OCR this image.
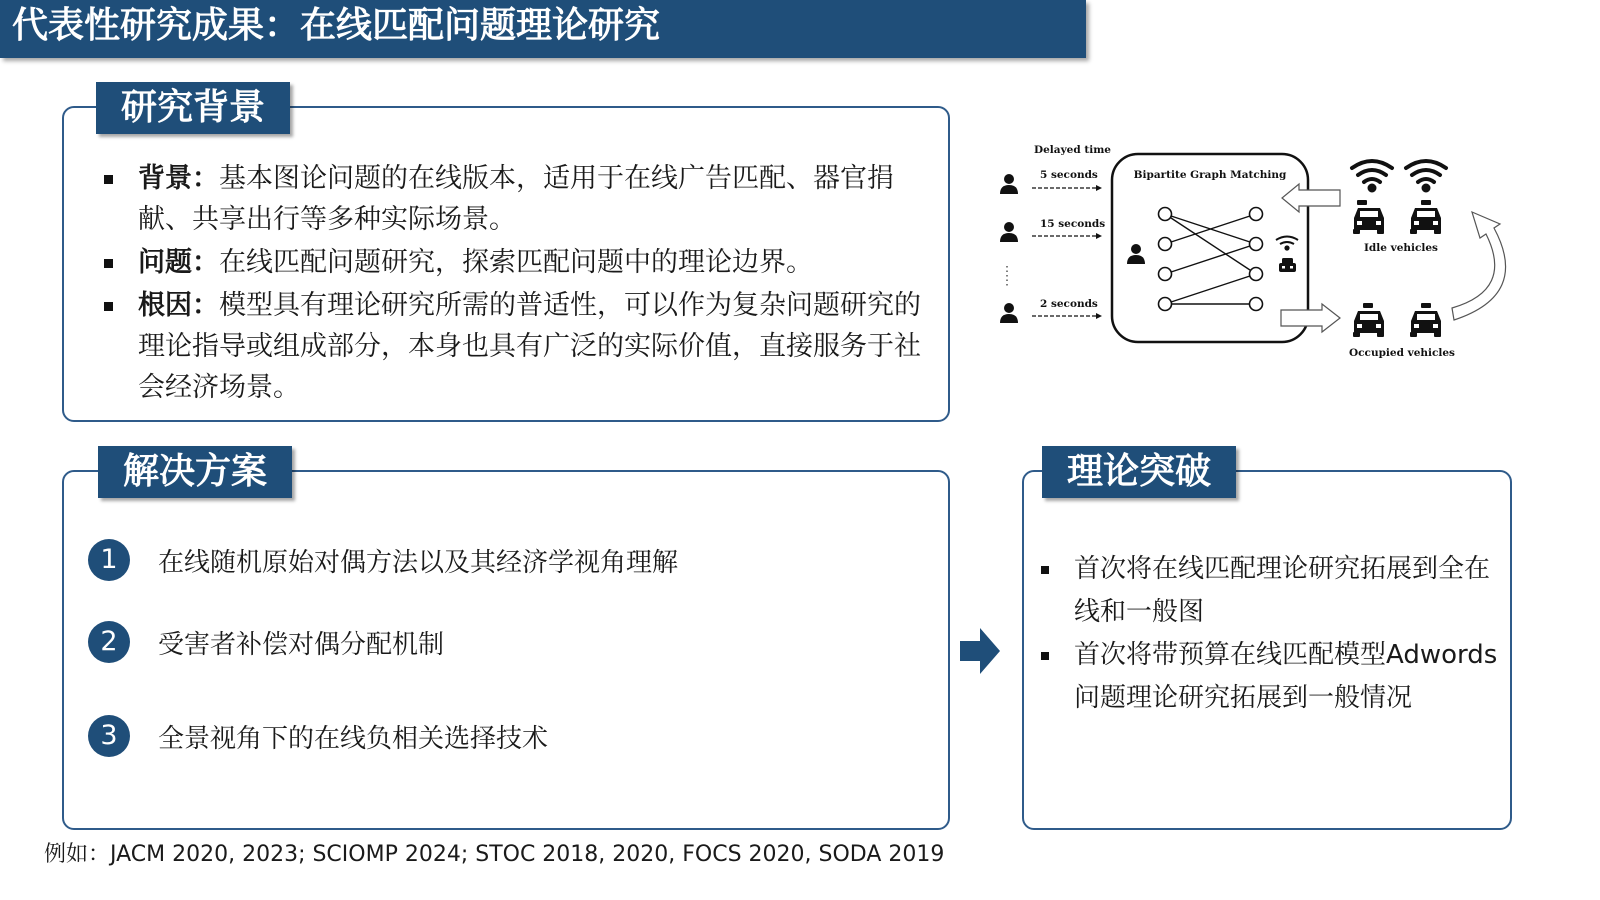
代表性研究成果：在线匹配问题理论研究
研究背景
背景：基本图论问题的在线版本，适用于在线广告匹配、器官捐献、共享出行等多种实际场景。
问题：在线匹配问题研究，探索匹配问题中的理论边界。
根因：模型具有理论研究所需的普适性，可以作为复杂问题研究的理论指导或组成部分，本身也具有广泛的实际价值，直接服务于社会经济场景。
Delayed time
5 seconds
15 seconds
2 seconds
Bipartite Graph Matching
Idle vehicles
Occupied vehicles
解决方案
1	在线随机原始对偶方法以及其经济学视角理解
2	受害者补偿对偶分配机制
3	全景视角下的在线负相关选择技术
理论突破
首次将在线匹配理论研究拓展到全在线和一般图
首次将带预算在线匹配模型Adwords问题理论研究拓展到一般情况
例如：JACM 2020, 2023; SCIOMP 2024; STOC 2018, 2020, FOCS 2020, SODA 2019
